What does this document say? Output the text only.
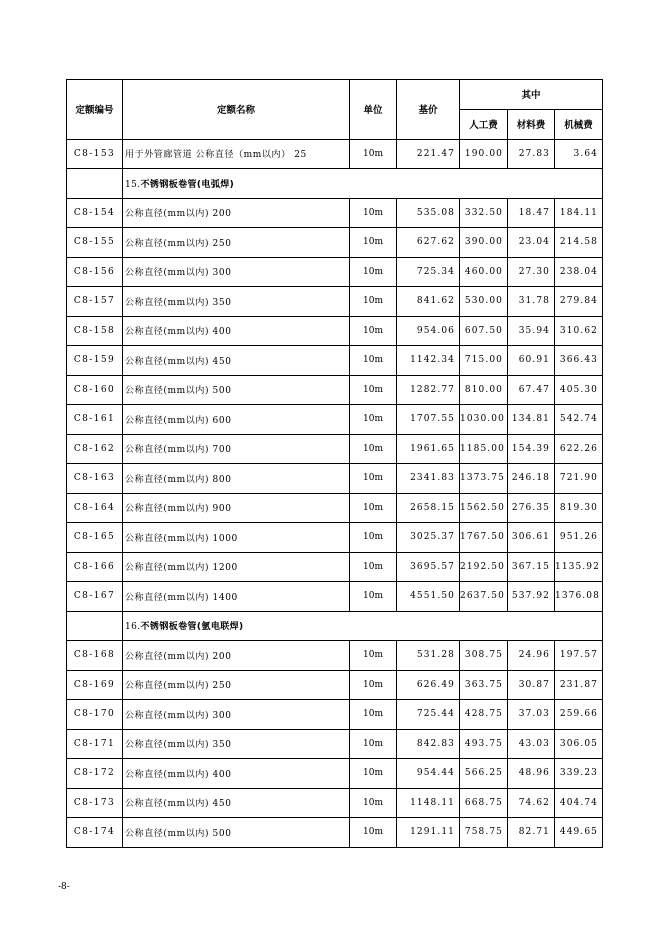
定额编号	定额名称	单位	基价	其中		
				人工费	材料费	机械费
C8-153	用于外管廊管道 公称直径（mm以内） 25	10m	221.47	190.00	27.83	3.64
	15.不锈钢板卷管(电弧焊)					
C8-154	公称直径(mm以内) 200	10m	535.08	332.50	18.47	184.11
C8-155	公称直径(mm以内) 250	10m	627.62	390.00	23.04	214.58
C8-156	公称直径(mm以内) 300	10m	725.34	460.00	27.30	238.04
C8-157	公称直径(mm以内) 350	10m	841.62	530.00	31.78	279.84
C8-158	公称直径(mm以内) 400	10m	954.06	607.50	35.94	310.62
C8-159	公称直径(mm以内) 450	10m	1142.34	715.00	60.91	366.43
C8-160	公称直径(mm以内) 500	10m	1282.77	810.00	67.47	405.30
C8-161	公称直径(mm以内) 600	10m	1707.55	1030.00	134.81	542.74
C8-162	公称直径(mm以内) 700	10m	1961.65	1185.00	154.39	622.26
C8-163	公称直径(mm以内) 800	10m	2341.83	1373.75	246.18	721.90
C8-164	公称直径(mm以内) 900	10m	2658.15	1562.50	276.35	819.30
C8-165	公称直径(mm以内) 1000	10m	3025.37	1767.50	306.61	951.26
C8-166	公称直径(mm以内) 1200	10m	3695.57	2192.50	367.15	1135.92
C8-167	公称直径(mm以内) 1400	10m	4551.50	2637.50	537.92	1376.08
	16.不锈钢板卷管(氩电联焊)					
C8-168	公称直径(mm以内) 200	10m	531.28	308.75	24.96	197.57
C8-169	公称直径(mm以内) 250	10m	626.49	363.75	30.87	231.87
C8-170	公称直径(mm以内) 300	10m	725.44	428.75	37.03	259.66
C8-171	公称直径(mm以内) 350	10m	842.83	493.75	43.03	306.05
C8-172	公称直径(mm以内) 400	10m	954.44	566.25	48.96	339.23
C8-173	公称直径(mm以内) 450	10m	1148.11	668.75	74.62	404.74
C8-174	公称直径(mm以内) 500	10m	1291.11	758.75	82.71	449.65
-8-
